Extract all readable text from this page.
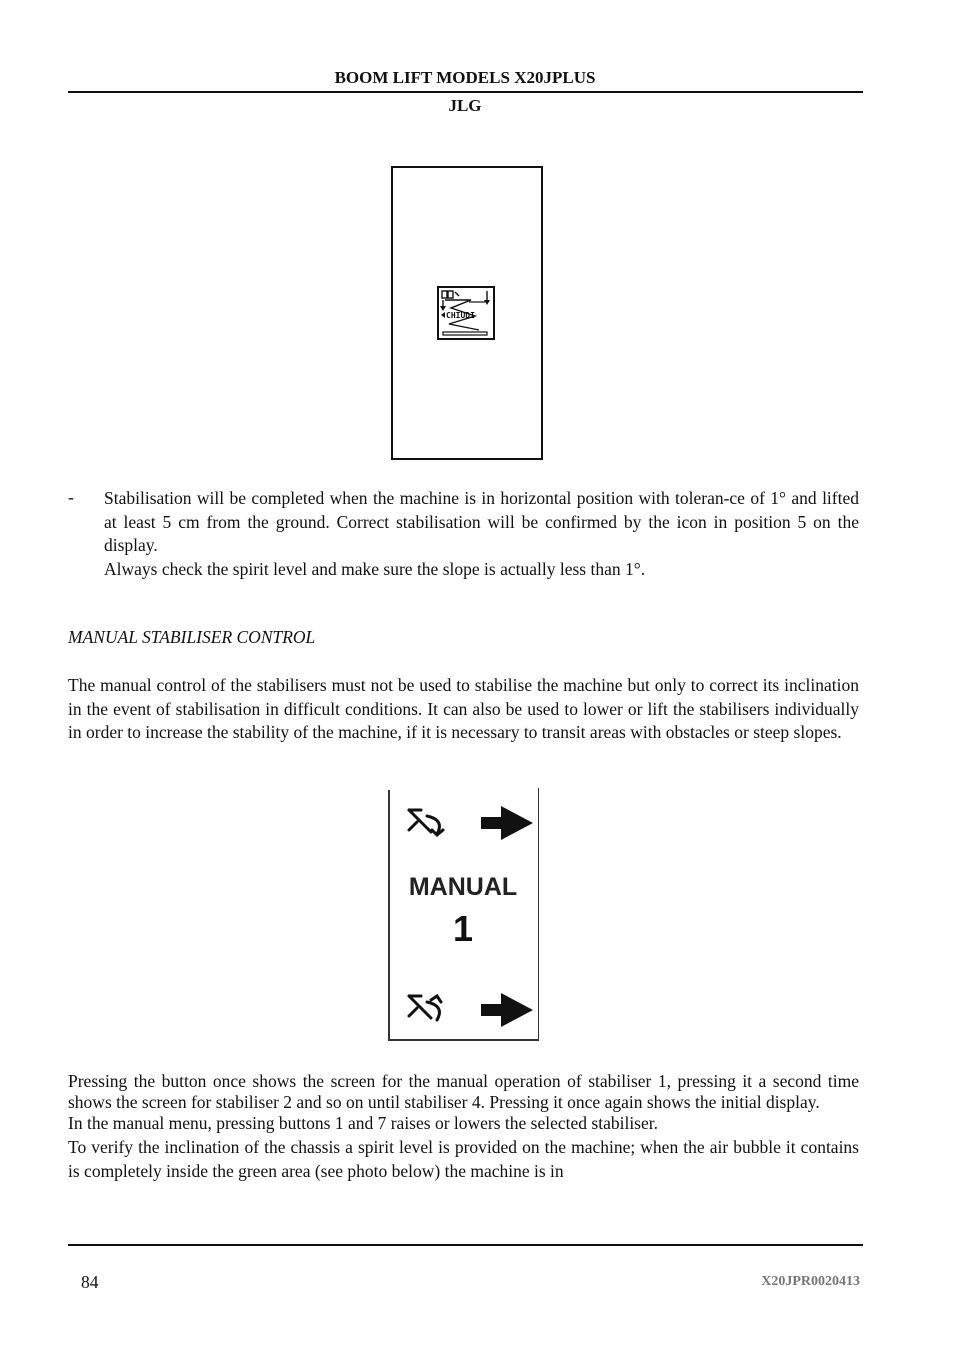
BOOM LIFT MODELS X20JPLUS
JLG
CHIUDI
- Stabilisation will be completed when the machine is in horizontal position with toleran-ce of 1° and lifted at least 5 cm from the ground. Correct stabilisation will be confirmed by the icon in position 5 on the display.

Always check the spirit level and make sure the slope is actually less than 1°.

MANUAL STABILISER CONTROL
The manual control of the stabilisers must not be used to stabilise the machine but only to correct its inclination in the event of stabilisation in difficult conditions. It can also be used to lower or lift the stabilisers individually in order to increase the stability of the machine, if it is necessary to transit areas with obstacles or steep slopes.
MANUAL
1

Pressing the button once shows the screen for the manual operation of stabiliser 1, pressing it a second time shows the screen for stabiliser 2 and so on until stabiliser 4. Pressing it once again shows the initial display.

In the manual menu, pressing buttons 1 and 7 raises or lowers the selected stabiliser.

To verify the inclination of the chassis a spirit level is provided on the machine; when the air bubble it contains is completely inside the green area (see photo below) the machine is in

84	X20JPR0020413
